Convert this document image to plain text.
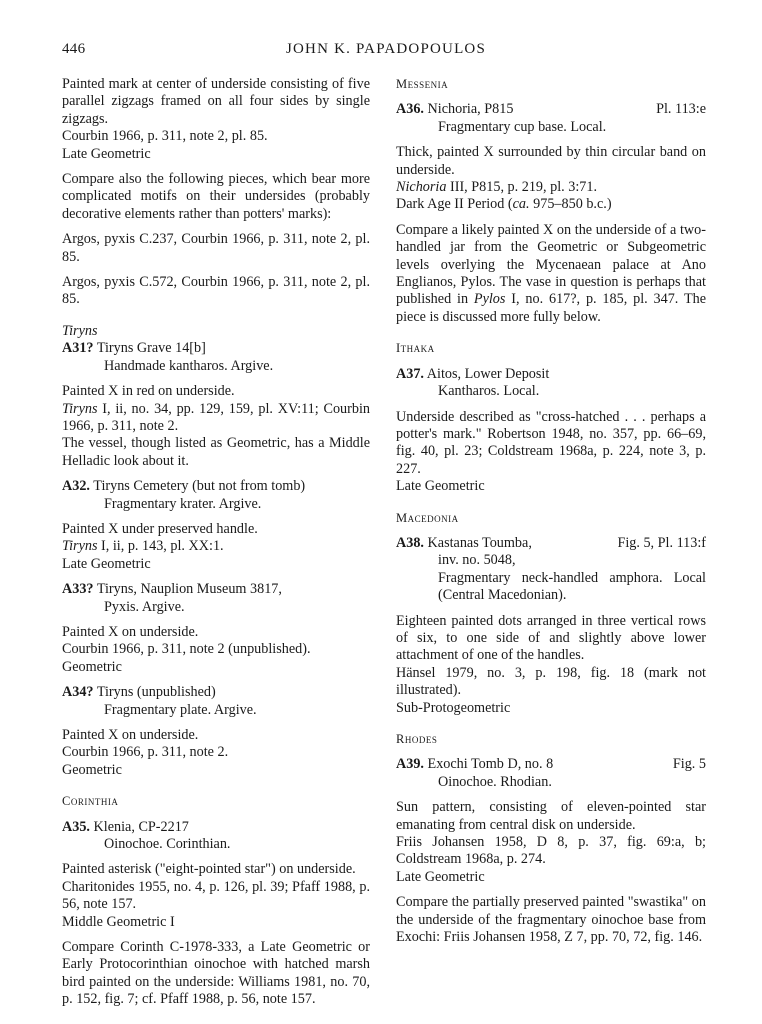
446	JOHN K. PAPADOPOULOS

Painted mark at center of underside consisting of five parallel zigzags framed on all four sides by single zigzags.

Courbin 1966, p. 311, note 2, pl. 85.

Late Geometric

Compare also the following pieces, which bear more complicated motifs on their undersides (probably decorative elements rather than potters' marks):

Argos, pyxis C.237, Courbin 1966, p. 311, note 2, pl. 85.

Argos, pyxis C.572, Courbin 1966, p. 311, note 2, pl. 85.

Tiryns

A31? Tiryns Grave 14[b]

Handmade kantharos. Argive.

Painted X in red on underside.

Tiryns I, ii, no. 34, pp. 129, 159, pl. XV:11; Courbin 1966, p. 311, note 2.

The vessel, though listed as Geometric, has a Middle Helladic look about it.

A32. Tiryns Cemetery (but not from tomb)

Fragmentary krater. Argive.

Painted X under preserved handle.

Tiryns I, ii, p. 143, pl. XX:1.

Late Geometric

A33? Tiryns, Nauplion Museum 3817,

Pyxis. Argive.

Painted X on underside.

Courbin 1966, p. 311, note 2 (unpublished).

Geometric

A34? Tiryns (unpublished)

Fragmentary plate. Argive.

Painted X on underside.

Courbin 1966, p. 311, note 2.

Geometric

Corinthia

A35. Klenia, CP-2217

Oinochoe. Corinthian.

Painted asterisk ("eight-pointed star") on underside.

Charitonides 1955, no. 4, p. 126, pl. 39; Pfaff 1988, p. 56, note 157.

Middle Geometric I

Compare Corinth C-1978-333, a Late Geometric or Early Protocorinthian oinochoe with hatched marsh bird painted on the underside: Williams 1981, no. 70, p. 152, fig. 7; cf. Pfaff 1988, p. 56, note 157.

Messenia

A36. Nichoria, P815	Pl. 113:e

Fragmentary cup base. Local.

Thick, painted X surrounded by thin circular band on underside.

Nichoria III, P815, p. 219, pl. 3:71.

Dark Age II Period (ca. 975–850 b.c.)

Compare a likely painted X on the underside of a two-handled jar from the Geometric or Subgeometric levels overlying the Mycenaean palace at Ano Englianos, Pylos. The vase in question is perhaps that published in Pylos I, no. 617?, p. 185, pl. 347. The piece is discussed more fully below.

Ithaka

A37. Aitos, Lower Deposit

Kantharos. Local.

Underside described as "cross-hatched . . . perhaps a potter's mark." Robertson 1948, no. 357, pp. 66–69, fig. 40, pl. 23; Coldstream 1968a, p. 224, note 3, p. 227.

Late Geometric

Macedonia

A38. Kastanas Toumba,	Fig. 5, Pl. 113:f

inv. no. 5048,

Fragmentary neck-handled amphora. Local (Central Macedonian).

Eighteen painted dots arranged in three vertical rows of six, to one side of and slightly above lower attachment of one of the handles.

Hänsel 1979, no. 3, p. 198, fig. 18 (mark not illustrated).

Sub-Protogeometric

Rhodes

A39. Exochi Tomb D, no. 8	Fig. 5

Oinochoe. Rhodian.

Sun pattern, consisting of eleven-pointed star emanating from central disk on underside.

Friis Johansen 1958, D 8, p. 37, fig. 69:a, b; Coldstream 1968a, p. 274.

Late Geometric

Compare the partially preserved painted "swastika" on the underside of the fragmentary oinochoe base from Exochi: Friis Johansen 1958, Z 7, pp. 70, 72, fig. 146.
